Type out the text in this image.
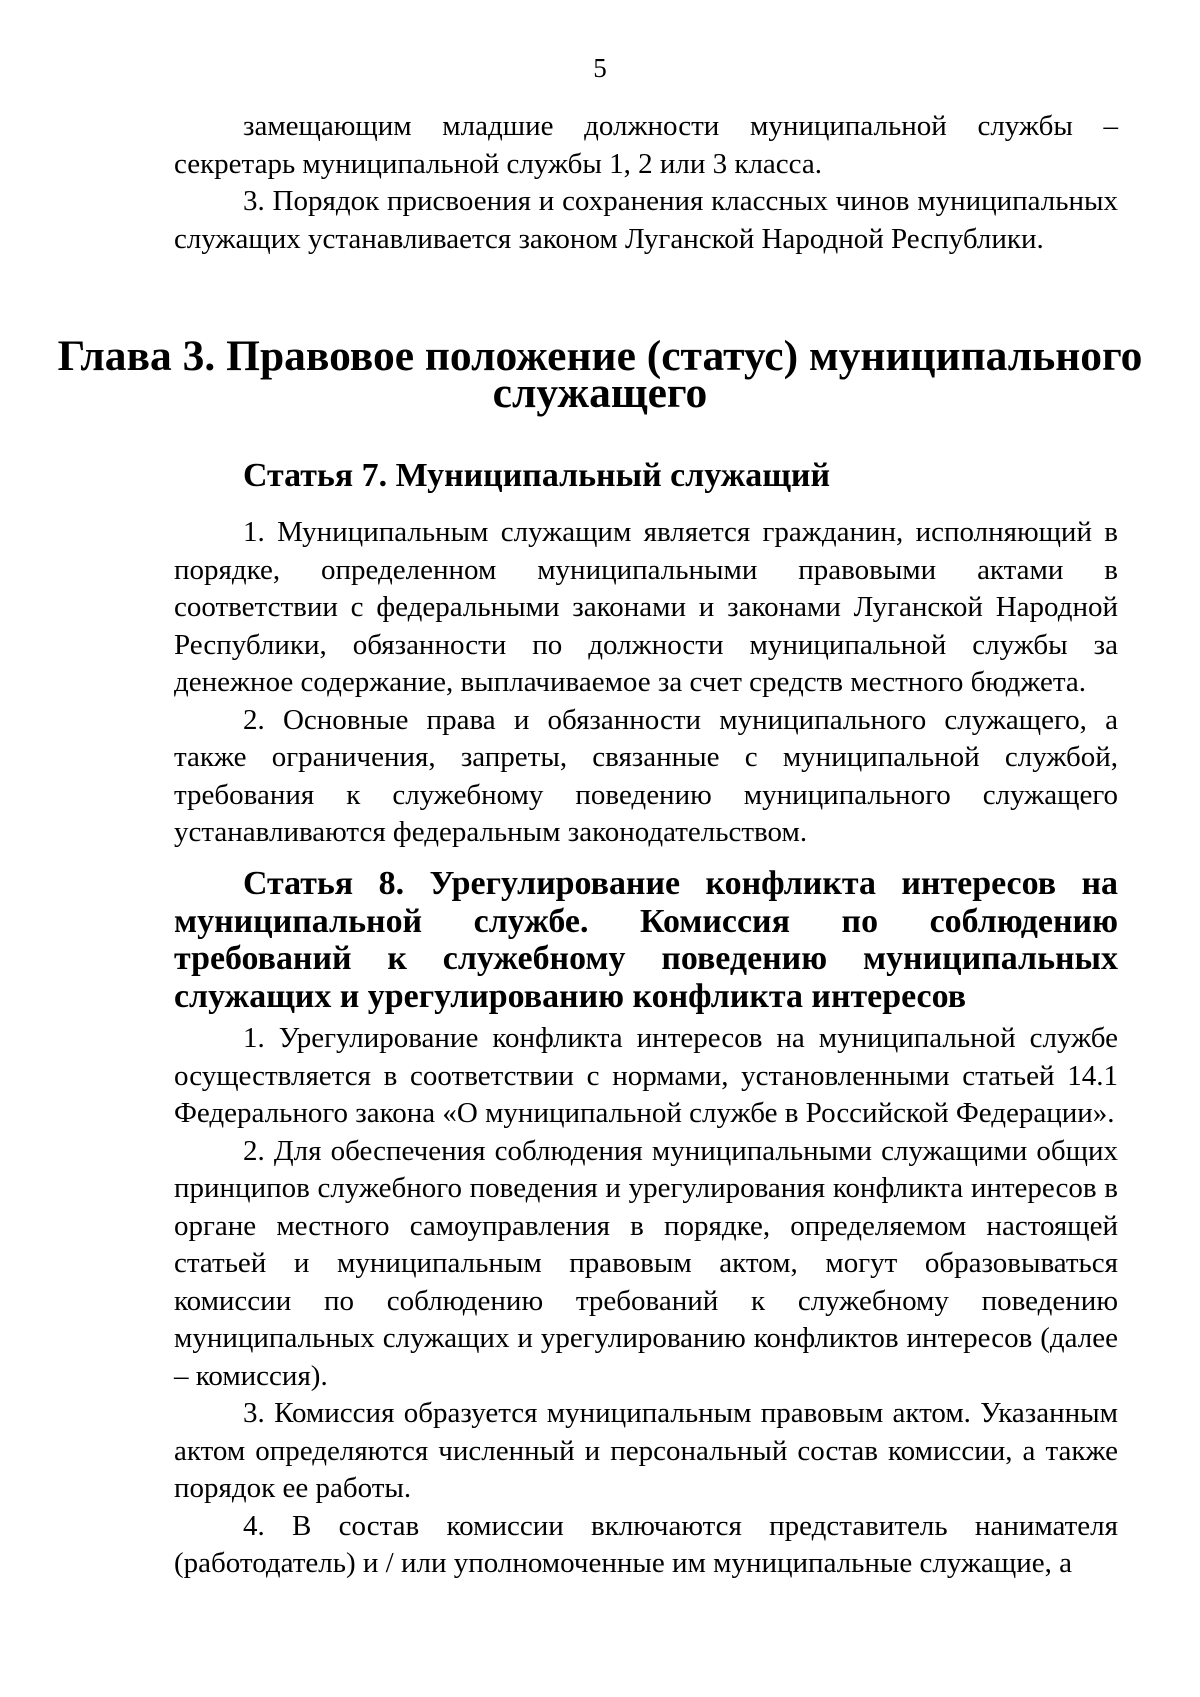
5

замещающим младшие должности муниципальной службы – секретарь муниципальной службы 1, 2 или 3 класса.

3. Порядок присвоения и сохранения классных чинов муниципальных служащих устанавливается законом Луганской Народной Республики.

Глава 3. Правовое положение (статус) муниципального служащего
Статья 7. Муниципальный служащий

1. Муниципальным служащим является гражданин, исполняющий в порядке, определенном муниципальными правовыми актами в соответствии с федеральными законами и законами Луганской Народной Республики, обязанности по должности муниципальной службы за денежное содержание, выплачиваемое за счет средств местного бюджета.

2. Основные права и обязанности муниципального служащего, а также ограничения, запреты, связанные с муниципальной службой, требования к служебному поведению муниципального служащего устанавливаются федеральным законодательством.

Статья 8. Урегулирование конфликта интересов на муниципальной службе. Комиссия по соблюдению требований к служебному поведению муниципальных служащих и урегулированию конфликта интересов

1. Урегулирование конфликта интересов на муниципальной службе осуществляется в соответствии с нормами, установленными статьей 14.1 Федерального закона «О муниципальной службе в Российской Федерации».

2. Для обеспечения соблюдения муниципальными служащими общих принципов служебного поведения и урегулирования конфликта интересов в органе местного самоуправления в порядке, определяемом настоящей статьей и муниципальным правовым актом, могут образовываться комиссии по соблюдению требований к служебному поведению муниципальных служащих и урегулированию конфликтов интересов (далее – комиссия).

3. Комиссия образуется муниципальным правовым актом. Указанным актом определяются численный и персональный состав комиссии, а также порядок ее работы.

4. В состав комиссии включаются представитель нанимателя (работодатель) и / или уполномоченные им муниципальные служащие, а
